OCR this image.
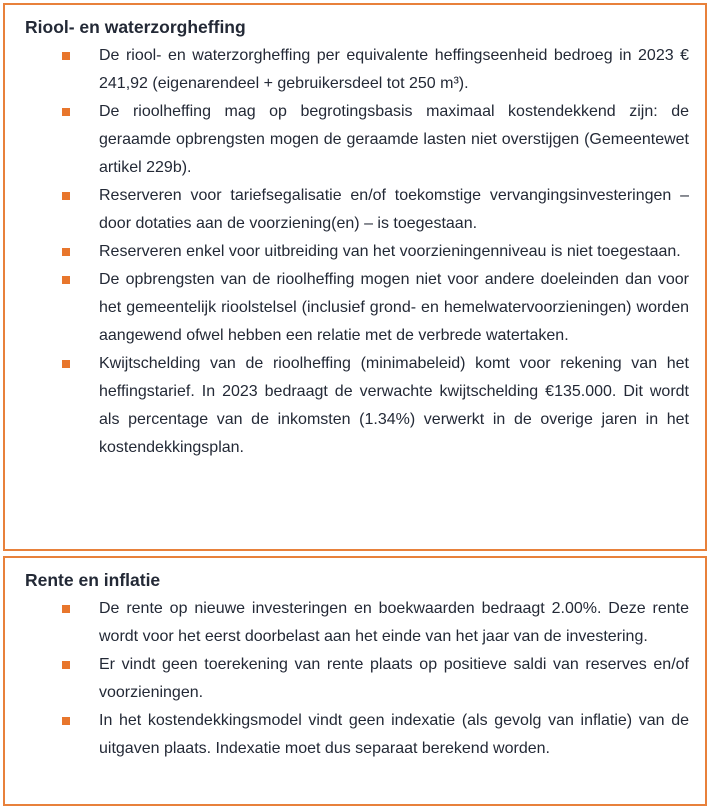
Riool- en waterzorgheffing
De riool- en waterzorgheffing per equivalente heffingseenheid bedroeg in 2023 € 241,92 (eigenarendeel + gebruikersdeel tot 250 m³).
De rioolheffing mag op begrotingsbasis maximaal kostendekkend zijn: de geraamde opbrengsten mogen de geraamde lasten niet overstijgen (Gemeentewet artikel 229b).
Reserveren voor tariefsegalisatie en/of toekomstige vervangingsinvesteringen – door dotaties aan de voorziening(en) – is toegestaan.
Reserveren enkel voor uitbreiding van het voorzieningenniveau is niet toegestaan.
De opbrengsten van de rioolheffing mogen niet voor andere doeleinden dan voor het gemeentelijk rioolstelsel (inclusief grond- en hemelwatervoorzieningen) worden aangewend ofwel hebben een relatie met de verbrede watertaken.
Kwijtschelding van de rioolheffing (minimabeleid) komt voor rekening van het heffingstarief. In 2023 bedraagt de verwachte kwijtschelding €135.000. Dit wordt als percentage van de inkomsten (1.34%) verwerkt in de overige jaren in het kostendekkingsplan.
Rente en inflatie
De rente op nieuwe investeringen en boekwaarden bedraagt 2.00%. Deze rente wordt voor het eerst doorbelast aan het einde van het jaar van de investering.
Er vindt geen toerekening van rente plaats op positieve saldi van reserves en/of voorzieningen.
In het kostendekkingsmodel vindt geen indexatie (als gevolg van inflatie) van de uitgaven plaats. Indexatie moet dus separaat berekend worden.
